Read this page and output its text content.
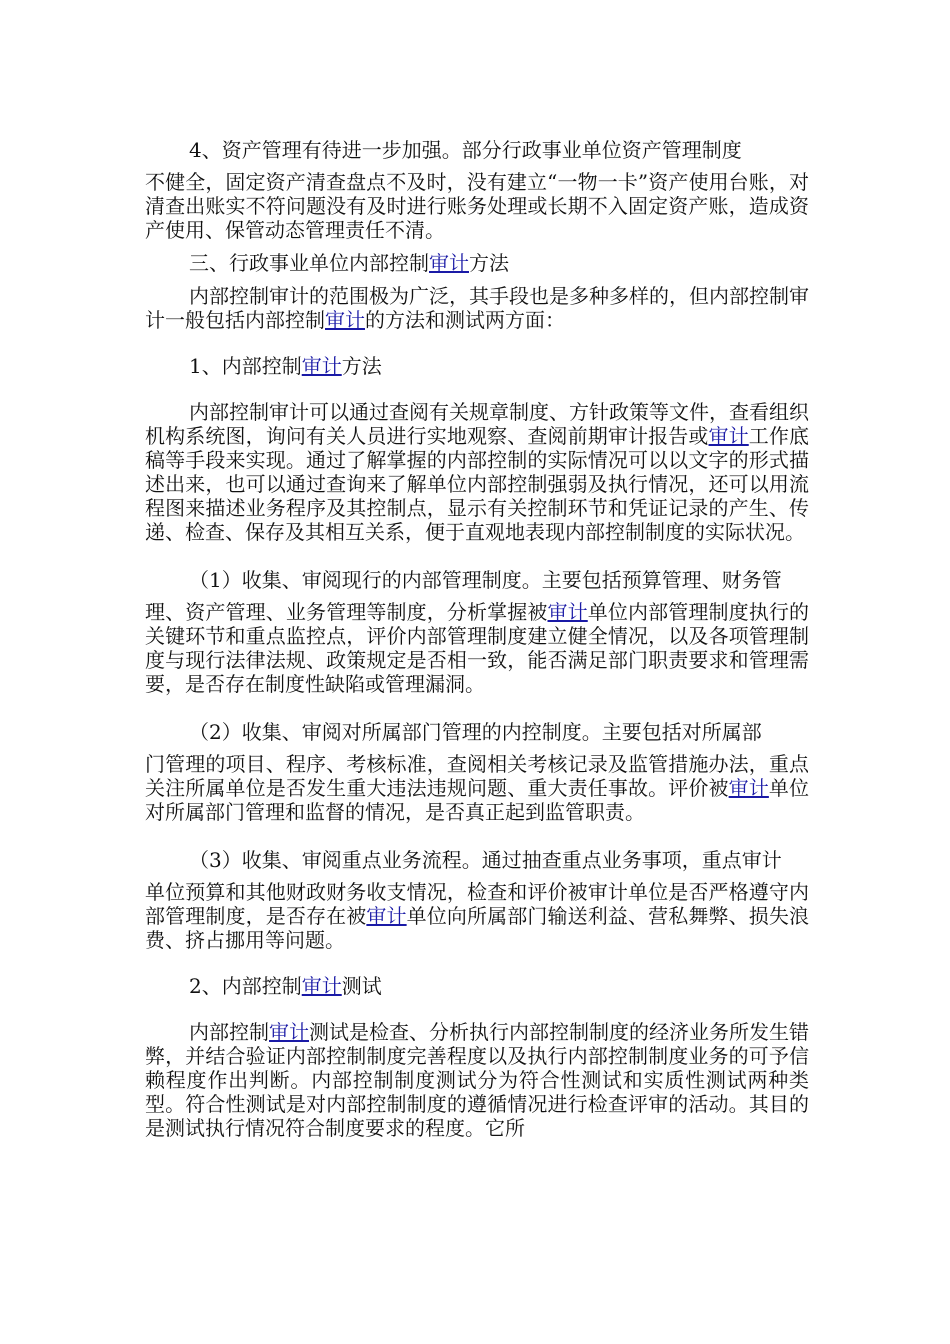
4、资产管理有待进一步加强。部分行政事业单位资产管理制度
不健全，固定资产清查盘点不及时，没有建立“一物一卡”资产使用台账，对清查出账实不符问题没有及时进行账务处理或长期不入固定资产账，造成资产使用、保管动态管理责任不清。

三、行政事业单位内部控制审计方法

内部控制审计的范围极为广泛，其手段也是多种多样的，但内部控制审计一般包括内部控制审计的方法和测试两方面：

1、内部控制审计方法

内部控制审计可以通过查阅有关规章制度、方针政策等文件，查看组织机构系统图，询问有关人员进行实地观察、查阅前期审计报告或审计工作底稿等手段来实现。通过了解掌握的内部控制的实际情况可以以文字的形式描述出来，也可以通过查询来了解单位内部控制强弱及执行情况，还可以用流程图来描述业务程序及其控制点，显示有关控制环节和凭证记录的产生、传递、检查、保存及其相互关系，便于直观地表现内部控制制度的实际状况。

（1）收集、审阅现行的内部管理制度。主要包括预算管理、财务管
理、资产管理、业务管理等制度，分析掌握被审计单位内部管理制度执行的关键环节和重点监控点，评价内部管理制度建立健全情况，以及各项管理制度与现行法律法规、政策规定是否相一致，能否满足部门职责要求和管理需要，是否存在制度性缺陷或管理漏洞。

（2）收集、审阅对所属部门管理的内控制度。主要包括对所属部
门管理的项目、程序、考核标准，查阅相关考核记录及监管措施办法，重点关注所属单位是否发生重大违法违规问题、重大责任事故。评价被审计单位对所属部门管理和监督的情况，是否真正起到监管职责。

（3）收集、审阅重点业务流程。通过抽查重点业务事项，重点审计
单位预算和其他财政财务收支情况，检查和评价被审计单位是否严格遵守内部管理制度，是否存在被审计单位向所属部门输送利益、营私舞弊、损失浪费、挤占挪用等问题。

2、内部控制审计测试

内部控制审计测试是检查、分析执行内部控制制度的经济业务所发生错弊，并结合验证内部控制制度完善程度以及执行内部控制制度业务的可予信赖程度作出判断。内部控制制度测试分为符合性测试和实质性测试两种类型。符合性测试是对内部控制制度的遵循情况进行检查评审的活动。其目的是测试执行情况符合制度要求的程度。它所
